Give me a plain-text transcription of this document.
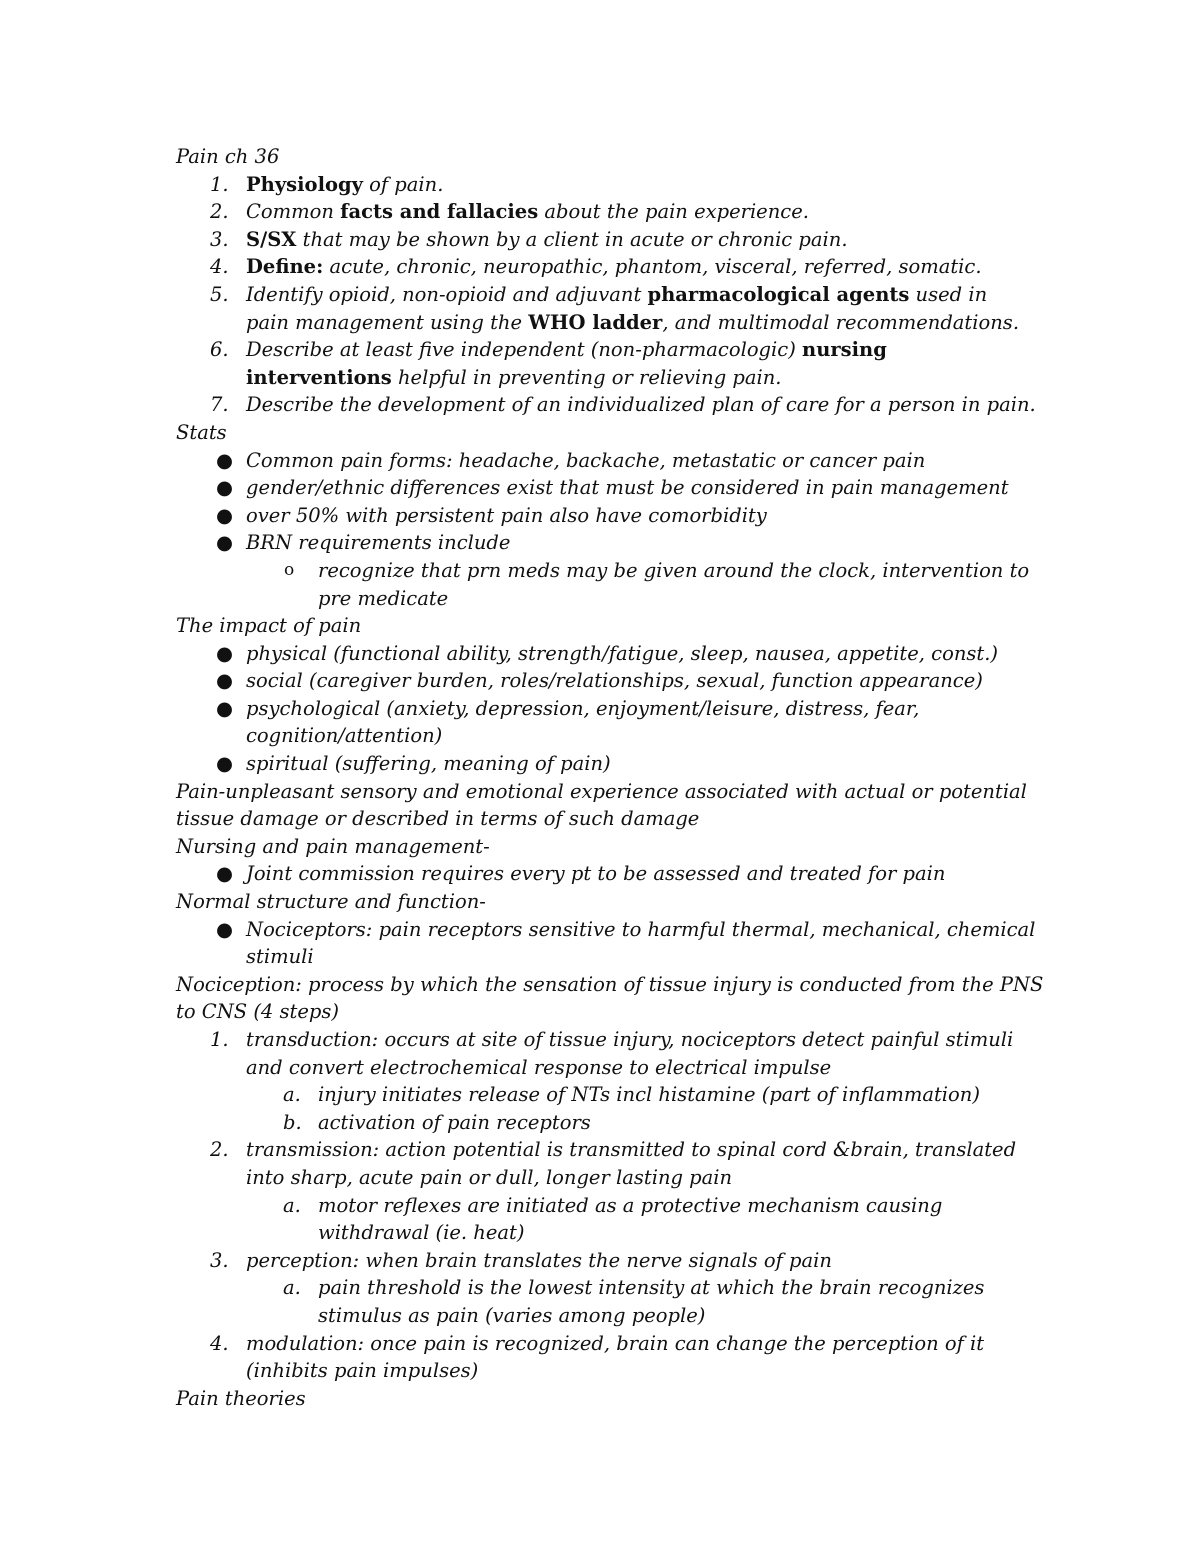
Pain ch 36
1. Physiology of pain.
2. Common facts and fallacies about the pain experience.
3. S/SX that may be shown by a client in acute or chronic pain.
4. Define: acute, chronic, neuropathic, phantom, visceral, referred, somatic.
5. Identify opioid, non-opioid and adjuvant pharmacological agents used in
pain management using the WHO ladder, and multimodal recommendations.
6. Describe at least five independent (non-pharmacologic) nursing
interventions helpful in preventing or relieving pain.
7. Describe the development of an individualized plan of care for a person in pain.
Stats
● Common pain forms: headache, backache, metastatic or cancer pain
● gender/ethnic differences exist that must be considered in pain management
● over 50% with persistent pain also have comorbidity
● BRN requirements include
o recognize that prn meds may be given around the clock, intervention to
pre medicate
The impact of pain
● physical (functional ability, strength/fatigue, sleep, nausea, appetite, const.)
● social (caregiver burden, roles/relationships, sexual, function appearance)
● psychological (anxiety, depression, enjoyment/leisure, distress, fear,
cognition/attention)
● spiritual (suffering, meaning of pain)
Pain-unpleasant sensory and emotional experience associated with actual or potential
tissue damage or described in terms of such damage
Nursing and pain management-
● Joint commission requires every pt to be assessed and treated for pain
Normal structure and function-
● Nociceptors: pain receptors sensitive to harmful thermal, mechanical, chemical
stimuli
Nociception: process by which the sensation of tissue injury is conducted from the PNS
to CNS (4 steps)
1. transduction: occurs at site of tissue injury, nociceptors detect painful stimuli
and convert electrochemical response to electrical impulse
a. injury initiates release of NTs incl histamine (part of inflammation)
b. activation of pain receptors
2. transmission: action potential is transmitted to spinal cord &brain, translated
into sharp, acute pain or dull, longer lasting pain
a. motor reflexes are initiated as a protective mechanism causing
withdrawal (ie. heat)
3. perception: when brain translates the nerve signals of pain
a. pain threshold is the lowest intensity at which the brain recognizes
stimulus as pain (varies among people)
4. modulation: once pain is recognized, brain can change the perception of it
(inhibits pain impulses)
Pain theories
